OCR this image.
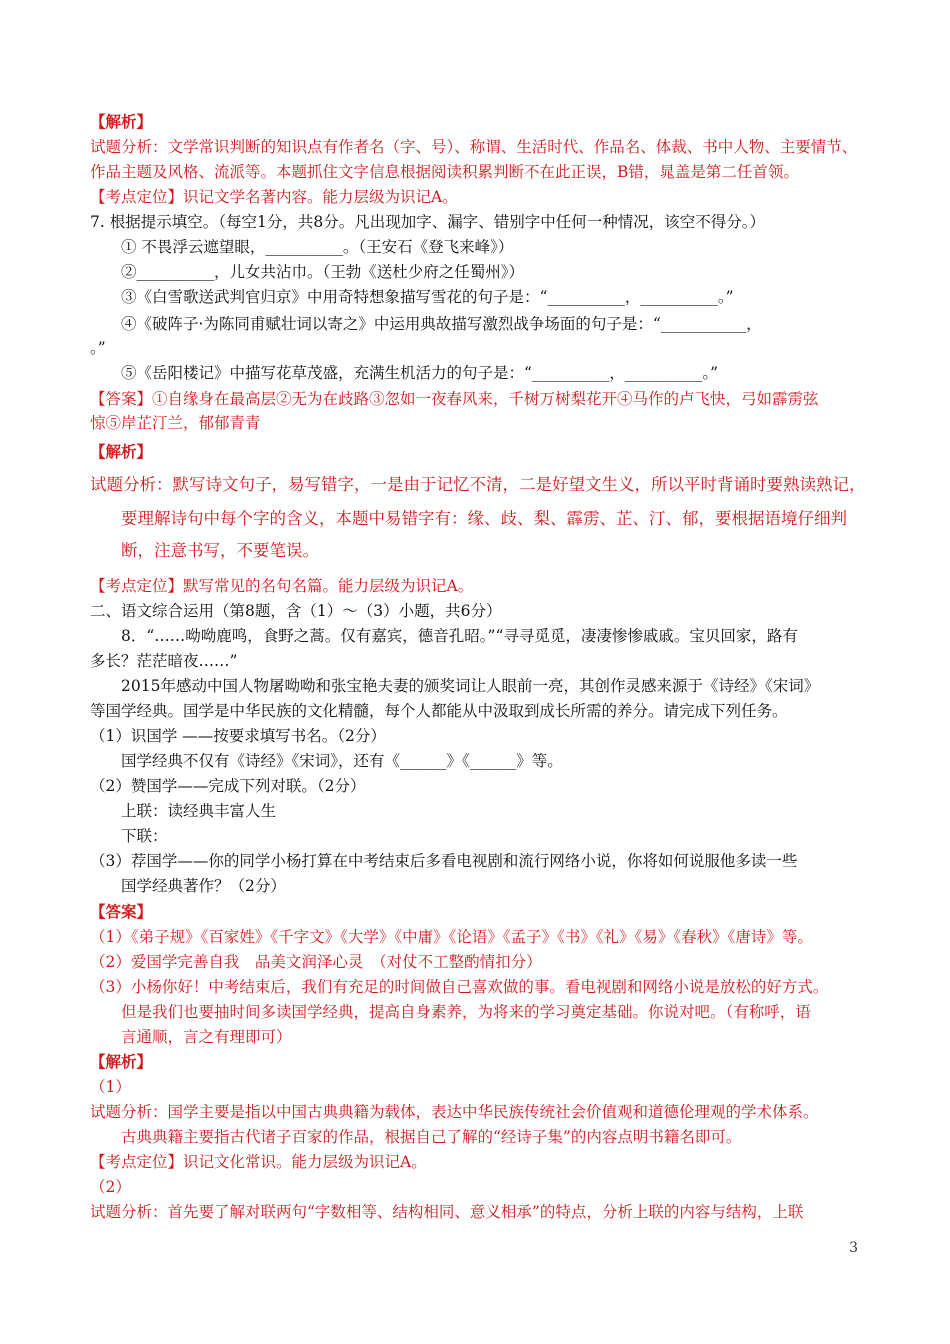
【解析】
试题分析：文学常识判断的知识点有作者名（字、号）、称谓、生活时代、作品名、体裁、书中人物、主要情节、
作品主题及风格、流派等。本题抓住文字信息根据阅读积累判断不在此正误，B错，晁盖是第二任首领。
【考点定位】识记文学名著内容。能力层级为识记A。
7. 根据提示填空。（每空1分，共8分。凡出现加字、漏字、错别字中任何一种情况，该空不得分。）
① 不畏浮云遮望眼，__________。（王安石《登飞来峰》）
②__________，儿女共沾巾。（王勃《送杜少府之任蜀州》）
③《白雪歌送武判官归京》中用奇特想象描写雪花的句子是：“__________，__________。”
④《破阵子·为陈同甫赋壮词以寄之》中运用典故描写激烈战争场面的句子是：“___________，
。”
⑤《岳阳楼记》中描写花草茂盛，充满生机活力的句子是：“__________，__________。”
【答案】①自缘身在最高层②无为在歧路③忽如一夜春风来，千树万树梨花开④马作的卢飞快，弓如霹雳弦
惊⑤岸芷汀兰，郁郁青青
【解析】
试题分析：默写诗文句子，易写错字，一是由于记忆不清，二是好望文生义，所以平时背诵时要熟读熟记，
要理解诗句中每个字的含义，本题中易错字有：缘、歧、梨、霹雳、芷、汀、郁，要根据语境仔细判
断，注意书写，不要笔误。
【考点定位】默写常见的名句名篇。能力层级为识记A。
二、语文综合运用（第8题，含（1）～（3）小题，共6分）
8．“……呦呦鹿鸣，食野之蒿。仅有嘉宾，德音孔昭。”“寻寻觅觅，凄凄惨惨戚戚。宝贝回家，路有
多长？茫茫暗夜……”
2015年感动中国人物屠呦呦和张宝艳夫妻的颁奖词让人眼前一亮，其创作灵感来源于《诗经》《宋词》
等国学经典。国学是中华民族的文化精髓，每个人都能从中汲取到成长所需的养分。请完成下列任务。
（1）识国学 ——按要求填写书名。（2分）
国学经典不仅有《诗经》《宋词》，还有《______》《______》等。
（2）赞国学——完成下列对联。（2分）
上联：读经典丰富人生
下联：
（3）荐国学——你的同学小杨打算在中考结束后多看电视剧和流行网络小说，你将如何说服他多读一些
国学经典著作？（2分）
【答案】
（1）《弟子规》《百家姓》《千字文》《大学》《中庸》《论语》《孟子》《书》《礼》《易》《春秋》《唐诗》等。
（2）爱国学完善自我　品美文润泽心灵　（对仗不工整酌情扣分）
（3）小杨你好！中考结束后，我们有充足的时间做自己喜欢做的事。看电视剧和网络小说是放松的好方式。
但是我们也要抽时间多读国学经典，提高自身素养，为将来的学习奠定基础。你说对吧。（有称呼，语
言通顺，言之有理即可）
【解析】
（1）
试题分析：国学主要是指以中国古典典籍为载体，表达中华民族传统社会价值观和道德伦理观的学术体系。
古典典籍主要指古代诸子百家的作品，根据自己了解的“经诗子集”的内容点明书籍名即可。
【考点定位】识记文化常识。能力层级为识记A。
（2）
试题分析：首先要了解对联两句“字数相等、结构相同、意义相承”的特点，分析上联的内容与结构，上联
3
